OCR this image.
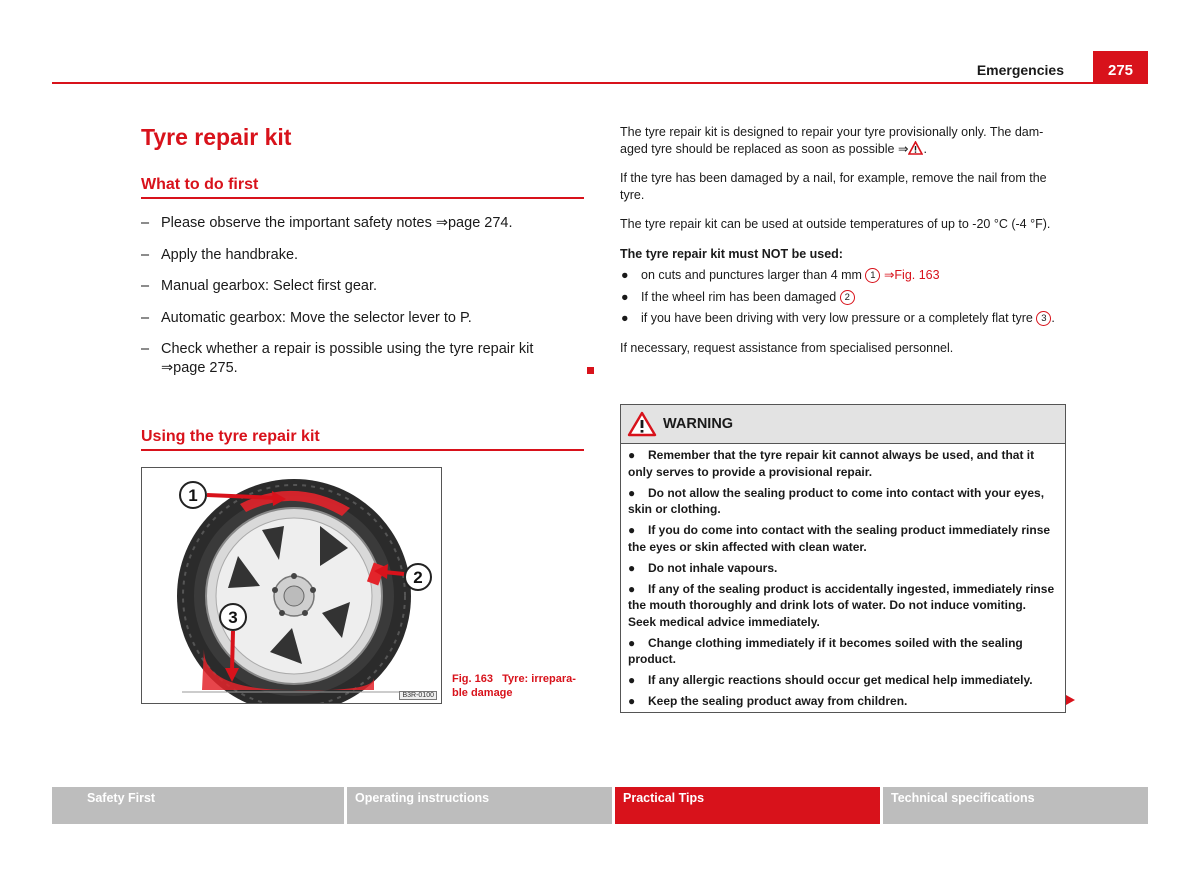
Emergencies	275
Tyre repair kit
What to do first
– Please observe the important safety notes ⇒page 274.
– Apply the handbrake.
– Manual gearbox: Select first gear.
– Automatic gearbox: Move the selector lever to P.
– Check whether a repair is possible using the tyre repair kit ⇒page 275.
Using the tyre repair kit
1
2
3
B3R-0100
Fig. 163 Tyre: irreparable damage

The tyre repair kit is designed to repair your tyre provisionally only. The damaged tyre should be replaced as soon as possible ⇒ .

If the tyre has been damaged by a nail, for example, remove the nail from the tyre.

The tyre repair kit can be used at outside temperatures of up to -20 °C (-4 °F).

The tyre repair kit must NOT be used:

● on cuts and punctures larger than 4 mm 1 ⇒Fig. 163
● If the wheel rim has been damaged 2
● if you have been driving with very low pressure or a completely flat tyre 3 .

If necessary, request assistance from specialised personnel.

WARNING

● Remember that the tyre repair kit cannot always be used, and that it only serves to provide a provisional repair.

● Do not allow the sealing product to come into contact with your eyes, skin or clothing.

● If you do come into contact with the sealing product immediately rinse the eyes or skin affected with clean water.

● Do not inhale vapours.

● If any of the sealing product is accidentally ingested, immediately rinse the mouth thoroughly and drink lots of water. Do not induce vomiting. Seek medical advice immediately.

● Change clothing immediately if it becomes soiled with the sealing product.

● If any allergic reactions should occur get medical help immediately.

● Keep the sealing product away from children.

Safety First	Operating instructions	Practical Tips	Technical specifications
